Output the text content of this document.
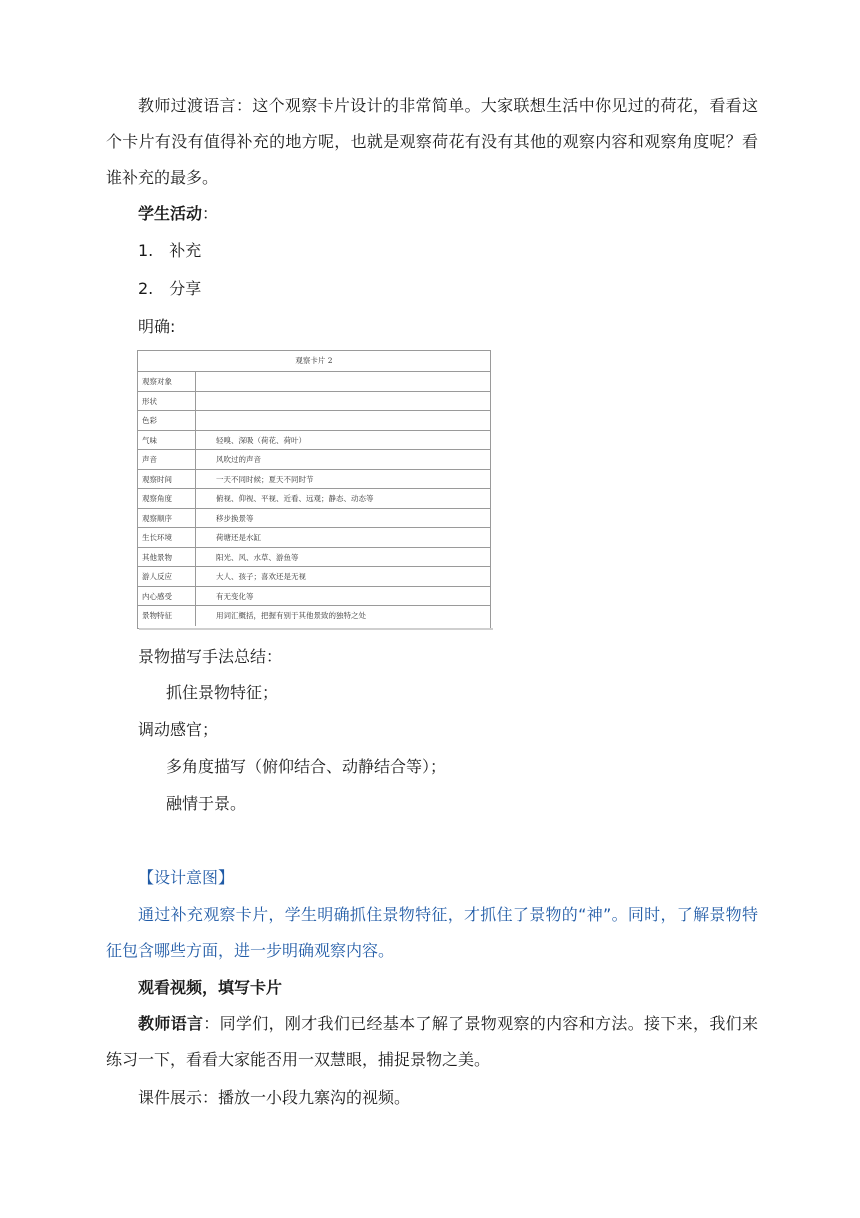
教师过渡语言：这个观察卡片设计的非常简单。大家联想生活中你见过的荷花，看看这个卡片有没有值得补充的地方呢，也就是观察荷花有没有其他的观察内容和观察角度呢？看谁补充的最多。
学生活动：
1.　补充
2.　分享
明确:
观察卡片 2
观察对象
形状
色彩
气味	轻嗅、深吸（荷花、荷叶）
声音	风吹过的声音
观察时间	一天不同时候；夏天不同时节
观察角度	俯视、仰视、平视、近看、远观；静态、动态等
观察顺序	移步换景等
生长环境	荷塘还是水缸
其他景物	阳光、风、水草、游鱼等
游人反应	大人、孩子；喜欢还是无视
内心感受	有无变化等
景物特征	用词汇概括，把握有别于其他景致的独特之处
景物描写手法总结：
抓住景物特征；
调动感官；
多角度描写（俯仰结合、动静结合等）；
融情于景。
【设计意图】
通过补充观察卡片，学生明确抓住景物特征，才抓住了景物的“神”。同时，了解景物特征包含哪些方面，进一步明确观察内容。
观看视频，填写卡片
教师语言：同学们，刚才我们已经基本了解了景物观察的内容和方法。接下来，我们来练习一下，看看大家能否用一双慧眼，捕捉景物之美。
课件展示：播放一小段九寨沟的视频。
